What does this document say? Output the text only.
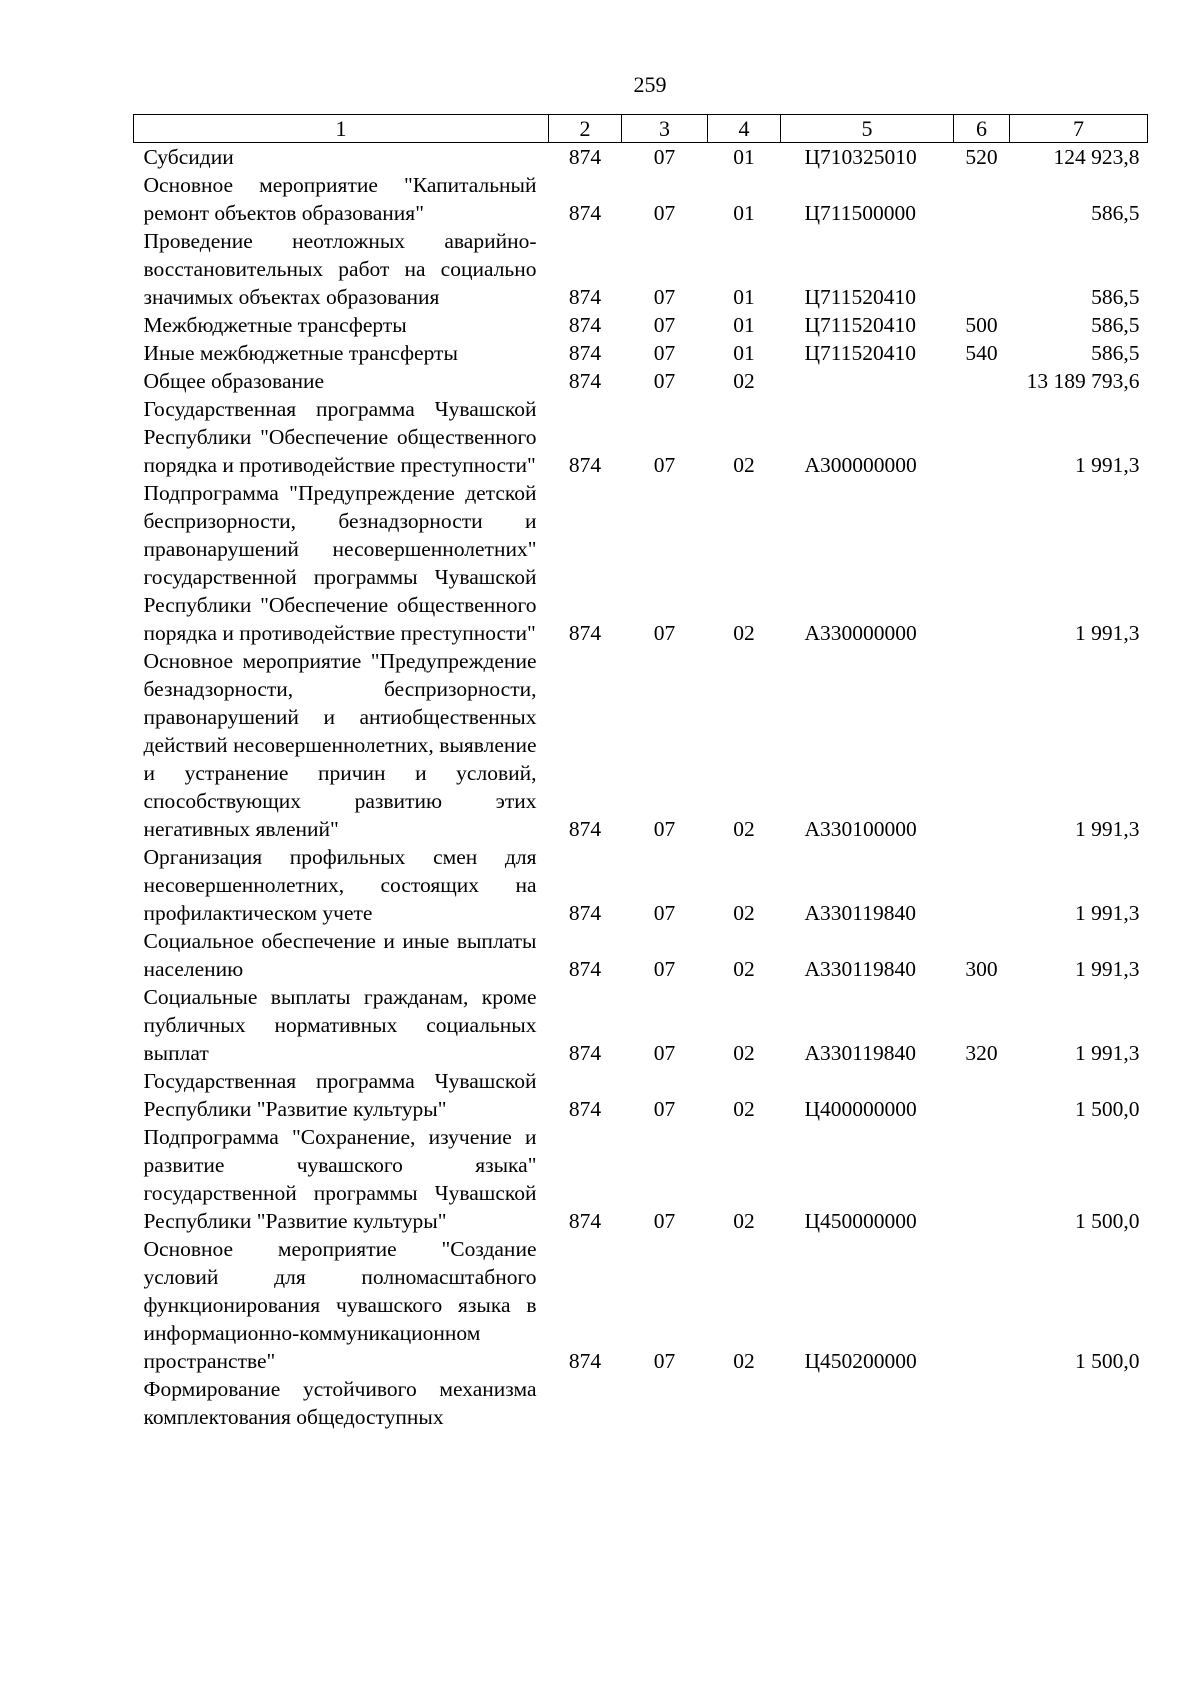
259
1	2	3	4	5	6	7
Субсидии	874	07	01	Ц710325010	520	124 923,8
Основное мероприятие "Капитальный ремонт объектов образования"	874	07	01	Ц711500000		586,5
Проведение неотложных аварийно-восстановительных работ на социально значимых объектах образования	874	07	01	Ц711520410		586,5
Межбюджетные трансферты	874	07	01	Ц711520410	500	586,5
Иные межбюджетные трансферты	874	07	01	Ц711520410	540	586,5
Общее образование	874	07	02			13 189 793,6
Государственная программа Чувашской Республики "Обеспечение общественного порядка и противодействие преступности"	874	07	02	А300000000		1 991,3
Подпрограмма "Предупреждение детской беспризорности, безнадзорности и правонарушений несовершеннолетних" государственной программы Чувашской Республики "Обеспечение общественного порядка и противодействие преступности"	874	07	02	А330000000		1 991,3
Основное мероприятие "Предупреждение безнадзорности, беспризорности, правонарушений и антиобщественных действий несовершеннолетних, выявление и устранение причин и условий, способствующих развитию этих негативных явлений"	874	07	02	А330100000		1 991,3
Организация профильных смен для несовершеннолетних, состоящих на профилактическом учете	874	07	02	А330119840		1 991,3
Социальное обеспечение и иные выплаты населению	874	07	02	А330119840	300	1 991,3
Социальные выплаты гражданам, кроме публичных нормативных социальных выплат	874	07	02	А330119840	320	1 991,3
Государственная программа Чувашской Республики "Развитие культуры"	874	07	02	Ц400000000		1 500,0
Подпрограмма "Сохранение, изучение и развитие чувашского языка" государственной программы Чувашской Республики "Развитие культуры"	874	07	02	Ц450000000		1 500,0
Основное мероприятие "Создание условий для полномасштабного функционирования чувашского языка в информационно-коммуникационном пространстве"	874	07	02	Ц450200000		1 500,0
Формирование устойчивого механизма комплектования общедоступных						
